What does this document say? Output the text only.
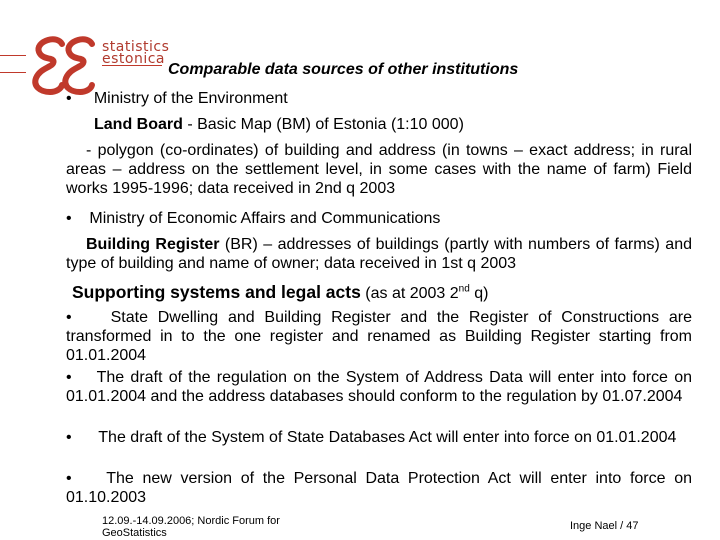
statistics
estonica
Comparable data sources of other institutions
•     Ministry of the Environment
Land Board - Basic Map (BM) of Estonia (1:10 000)
- polygon (co-ordinates) of building and address (in towns – exact address; in rural areas – address on the settlement level, in some cases with the name of farm) Field works 1995-1996; data received in 2nd q 2003
•    Ministry of Economic Affairs and Communications
Building Register (BR) – addresses of buildings (partly with numbers of farms) and type of building and name of owner; data received in 1st q 2003
Supporting systems and legal acts (as at 2003 2nd q)
•    State Dwelling and Building Register and the Register of Constructions are transformed in to the one register and renamed as Building Register starting from 01.01.2004
•    The draft of the regulation on the System of Address Data will enter into force on 01.01.2004 and the address databases should conform to the regulation by 01.07.2004
•      The draft of the System of State Databases Act will enter into force on 01.01.2004
•    The new version of the Personal Data Protection Act will enter into force on 01.10.2003
12.09.-14.09.2006; Nordic Forum for
GeoStatistics
Inge Nael / 47
